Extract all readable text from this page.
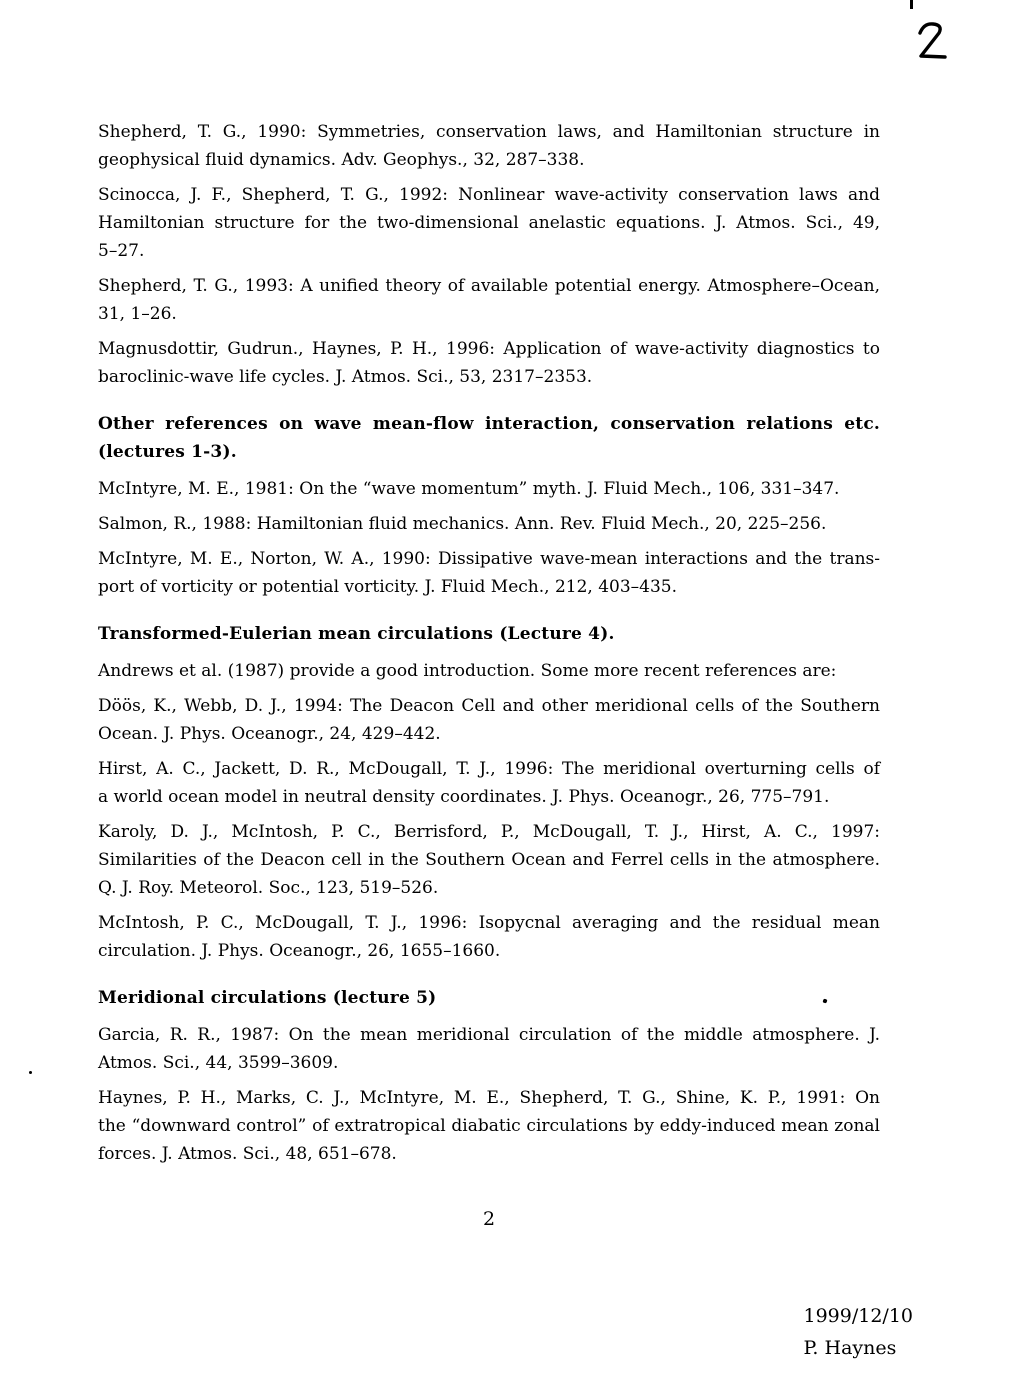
Shepherd, T. G., 1990: Symmetries, conservation laws, and Hamiltonian structure in
geophysical fluid dynamics. Adv. Geophys., 32, 287–338.
Scinocca, J. F., Shepherd, T. G., 1992: Nonlinear wave-activity conservation laws and
Hamiltonian structure for the two-dimensional anelastic equations. J. Atmos. Sci., 49,
5–27.
Shepherd, T. G., 1993: A unified theory of available potential energy. Atmosphere–Ocean,
31, 1–26.
Magnusdottir, Gudrun., Haynes, P. H., 1996: Application of wave-activity diagnostics to
baroclinic-wave life cycles. J. Atmos. Sci., 53, 2317–2353.
Other references on wave mean-flow interaction, conservation relations etc.
(lectures 1-3).
McIntyre, M. E., 1981: On the “wave momentum” myth. J. Fluid Mech., 106, 331–347.
Salmon, R., 1988: Hamiltonian fluid mechanics. Ann. Rev. Fluid Mech., 20, 225–256.
McIntyre, M. E., Norton, W. A., 1990: Dissipative wave-mean interactions and the trans-
port of vorticity or potential vorticity. J. Fluid Mech., 212, 403–435.
Transformed-Eulerian mean circulations (Lecture 4).
Andrews et al. (1987) provide a good introduction. Some more recent references are:
Döös, K., Webb, D. J., 1994: The Deacon Cell and other meridional cells of the Southern
Ocean. J. Phys. Oceanogr., 24, 429–442.
Hirst, A. C., Jackett, D. R., McDougall, T. J., 1996: The meridional overturning cells of
a world ocean model in neutral density coordinates. J. Phys. Oceanogr., 26, 775–791.
Karoly, D. J., McIntosh, P. C., Berrisford, P., McDougall, T. J., Hirst, A. C., 1997:
Similarities of the Deacon cell in the Southern Ocean and Ferrel cells in the atmosphere.
Q. J. Roy. Meteorol. Soc., 123, 519–526.
McIntosh, P. C., McDougall, T. J., 1996: Isopycnal averaging and the residual mean
circulation. J. Phys. Oceanogr., 26, 1655–1660.
Meridional circulations (lecture 5)
Garcia, R. R., 1987: On the mean meridional circulation of the middle atmosphere. J.
Atmos. Sci., 44, 3599–3609.
Haynes, P. H., Marks, C. J., McIntyre, M. E., Shepherd, T. G., Shine, K. P., 1991: On
the “downward control” of extratropical diabatic circulations by eddy-induced mean zonal
forces. J. Atmos. Sci., 48, 651–678.
2
1999/12/10
P. Haynes
